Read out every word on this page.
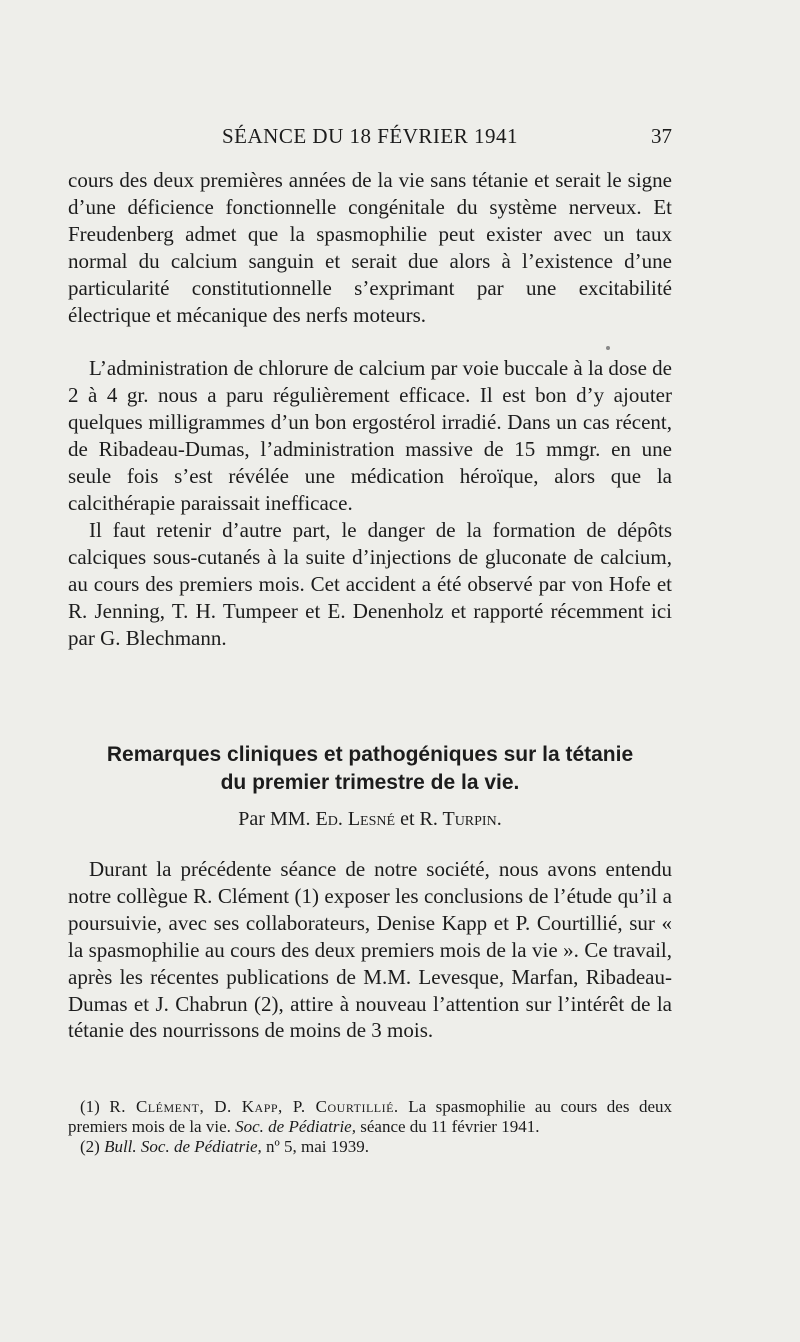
SÉANCE DU 18 FÉVRIER 1941	37

cours des deux premières années de la vie sans tétanie et serait le signe d’une déficience fonctionnelle congénitale du système nerveux. Et Freudenberg admet que la spasmophilie peut exister avec un taux normal du calcium sanguin et serait due alors à l’existence d’une particularité constitutionnelle s’exprimant par une excitabilité électrique et mécanique des nerfs moteurs.

L’administration de chlorure de calcium par voie buccale à la dose de 2 à 4 gr. nous a paru régulièrement efficace. Il est bon d’y ajouter quelques milligrammes d’un bon ergostérol irradié. Dans un cas récent, de Ribadeau-Dumas, l’administration massive de 15 mmgr. en une seule fois s’est révélée une médication héroïque, alors que la calcithérapie paraissait inefficace.

Il faut retenir d’autre part, le danger de la formation de dépôts calciques sous-cutanés à la suite d’injections de gluconate de calcium, au cours des premiers mois. Cet accident a été observé par von Hofe et R. Jenning, T. H. Tumpeer et E. Denenholz et rapporté récemment ici par G. Blechmann.

Remarques cliniques et pathogéniques sur la tétanie
du premier trimestre de la vie.
Par MM. Ed. Lesné et R. Turpin.

Durant la précédente séance de notre société, nous avons entendu notre collègue R. Clément (1) exposer les conclusions de l’étude qu’il a poursuivie, avec ses collaborateurs, Denise Kapp et P. Courtillié, sur « la spasmophilie au cours des deux premiers mois de la vie ». Ce travail, après les récentes publications de M.M. Levesque, Marfan, Ribadeau-Dumas et J. Chabrun (2), attire à nouveau l’attention sur l’intérêt de la tétanie des nourrissons de moins de 3 mois.

(1) R. Clément, D. Kapp, P. Courtillié. La spasmophilie au cours des deux premiers mois de la vie. Soc. de Pédiatrie, séance du 11 février 1941.

(2) Bull. Soc. de Pédiatrie, nº 5, mai 1939.
